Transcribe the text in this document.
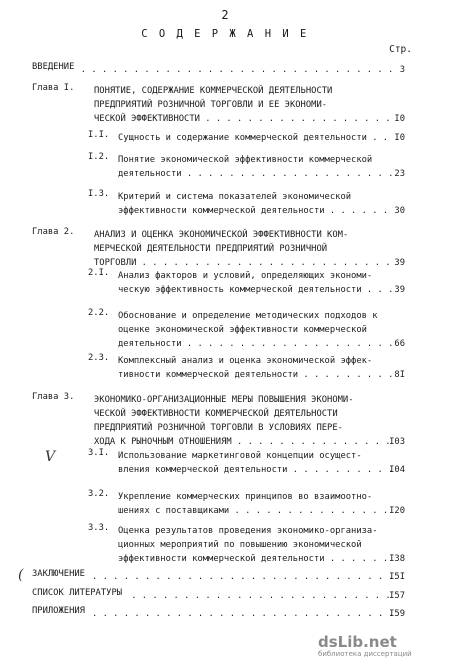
2
С О Д Е Р Ж А Н И Е
Стр.
ВВЕДЕНИЕ . . .	3
Глава I. ПОНЯТИЕ, СОДЕРЖАНИЕ КОММЕРЧЕСКОЙ ДЕЯТЕЛЬНОСТИ
ПРЕДПРИЯТИЙ РОЗНИЧНОЙ ТОРГОВЛИ И ЕЕ ЭКОНОМИ-
ЧЕСКОЙ ЭФФЕКТИВНОСТИ . . .	I0
I.I. Сущность и содержание коммерческой деятельности . . .	I0
I.2. Понятие экономической эффективности коммерческой
деятельности . . .	23
I.3. Критерий и система показателей экономической
эффективности коммерческой деятельности . . .	30
Глава 2. АНАЛИЗ И ОЦЕНКА ЭКОНОМИЧЕСКОЙ ЭФФЕКТИВНОСТИ КОМ-
МЕРЧЕСКОЙ ДЕЯТЕЛЬНОСТИ ПРЕДПРИЯТИЙ РОЗНИЧНОЙ
ТОРГОВЛИ . . .	39
2.I. Анализ факторов и условий, определяющих экономи-
ческую эффективность коммерческой деятельности . . .	39
2.2. Обоснование и определение методических подходов к
оценке экономической эффективности коммерческой
деятельности . . .	66
2.3. Комплексный анализ и оценка экономической эффек-
тивности коммерческой деятельности . . .	8I
Глава 3. ЭКОНОМИКО-ОРГАНИЗАЦИОННЫЕ МЕРЫ ПОВЫШЕНИЯ ЭКОНОМИ-
ЧЕСКОЙ ЭФФЕКТИВНОСТИ КОММЕРЧЕСКОЙ ДЕЯТЕЛЬНОСТИ
ПРЕДПРИЯТИЙ РОЗНИЧНОЙ ТОРГОВЛИ В УСЛОВИЯХ ПЕРЕ-
ХОДА К РЫНОЧНЫМ ОТНОШЕНИЯМ . . .	I03
3.I. Использование маркетинговой концепции осущест-
вления коммерческой деятельности . . .	I04
3.2. Укрепление коммерческих принципов во взаимоотно-
шениях с поставщиками . . .	I20
3.3. Оценка результатов проведения экономико-организа-
ционных мероприятий по повышению экономической
эффективности коммерческой деятельности . . .	I38
ЗАКЛЮЧЕНИЕ . . .	I5I
СПИСОК ЛИТЕРАТУРЫ . . .	I57
ПРИЛОЖЕНИЯ . . .	I59
V
(
dsLib.net
библиотека диссертаций
